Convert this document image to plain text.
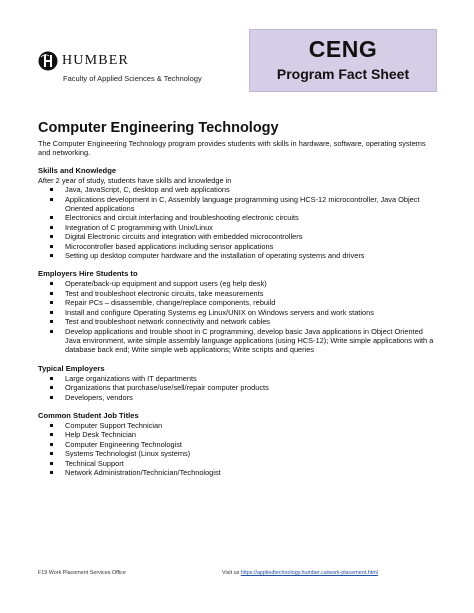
HUMBER
Faculty of Applied Sciences & Technology
CENG
Program Fact Sheet
Computer Engineering Technology

The Computer Engineering Technology program provides students with skills in hardware, software, operating systems and networking.

Skills and Knowledge

After 2 year of study, students have skills and knowledge in

Java, JavaScript, C, desktop and web applications
Applications development in C, Assembly language programming using HCS-12 microcontroller, Java Object Oriented applications
Electronics and circuit interfacing and troubleshooting electronic circuits
Integration of C programming with Unix/Linux
Digital Electronic circuits and integration with embedded microcontrollers
Microcontroller based applications including sensor applications
Setting up desktop computer hardware and the installation of operating systems and drivers

Employers Hire Students to

Operate/back-up equipment and support users (eg help desk)
Test and troubleshoot electronic circuits, take measurements
Repair PCs – disassemble, change/replace components, rebuild
Install and configure Operating Systems eg Linux/UNIX on Windows servers and work stations
Test and troubleshoot network connectivity and network cables
Develop applications and trouble shoot in C programming, develop basic Java applications in Object Oriented Java environment, write simple assembly language applications (using HCS-12); Write simple applications with a database back end; Write simple web applications; Write scripts and queries

Typical Employers

Large organizations with IT departments
Organizations that purchase/use/sell/repair computer products
Developers, vendors

Common Student Job Titles

Computer Support Technician
Help Desk Technician
Computer Engineering Technologist
Systems Technologist (Linux systems)
Technical Support
Network Administration/Technician/Technologist
F19 Work Placement Services Office	Visit us https://appliedtechnology.humber.ca/work-placement.html
